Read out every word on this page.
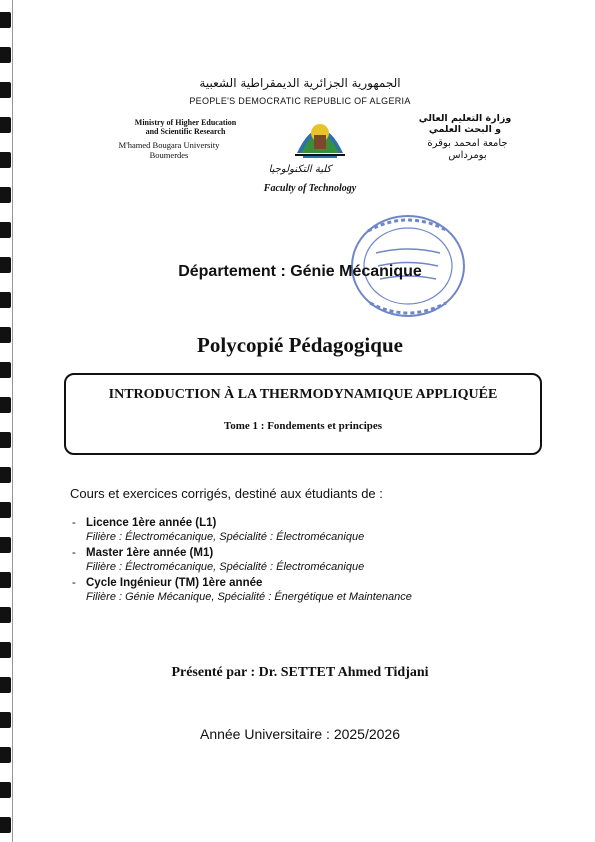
الجمهورية الجزائرية الديمقراطية الشعبية
PEOPLE'S DEMOCRATIC REPUBLIC OF ALGERIA
Ministry of Higher Education
and Scientific Research
M'hamed Bougara University
Boumerdes
وزارة التعليم العالي
و البحث العلمي
جامعة امحمد بوقرة
بومرداس
كلية التكنولوجيا
Faculty of Technology
Département : Génie Mécanique
Polycopié Pédagogique
INTRODUCTION À LA THERMODYNAMIQUE APPLIQUÉE
Tome 1 : Fondements et principes
Cours et exercices corrigés, destiné aux étudiants de :
- Licence 1ère année (L1)
Filière : Électromécanique, Spécialité : Électromécanique
- Master 1ère année (M1)
Filière : Électromécanique, Spécialité : Électromécanique
- Cycle Ingénieur (TM) 1ère année
Filière : Génie Mécanique, Spécialité : Énergétique et Maintenance
Présenté par : Dr. SETTET Ahmed Tidjani
Année Universitaire : 2025/2026
